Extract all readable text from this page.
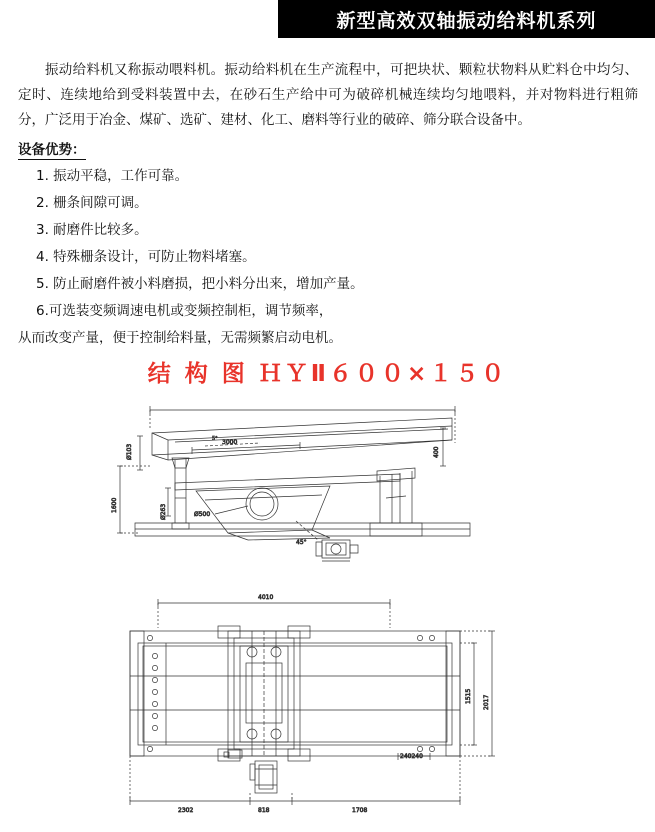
新型高效双轴振动给料机系列
振动给料机又称振动喂料机。振动给料机在生产流程中，可把块状、颗粒状物料从贮料仓中均匀、定时、连续地给到受料装置中去，在砂石生产给中可为破碎机械连续均匀地喂料，并对物料进行粗筛分，广泛用于冶金、煤矿、选矿、建材、化工、磨料等行业的破碎、筛分联合设备中。
设备优势：
1. 振动平稳，工作可靠。
2. 栅条间隙可调。
3. 耐磨件比较多。
4. 特殊栅条设计，可防止物料堵塞。
5. 防止耐磨件被小料磨损，把小料分出来，增加产量。
6.可选装变频调速电机或变频控制柜，调节频率，
从而改变产量，便于控制给料量，无需频繁启动电机。
结 构 图 ＨＹⅡ６００×１５０
5° 3000
Ø103	400
Ø500
45°
1600	Ø263
4010
1515 2017
240240
2302	818	1708
